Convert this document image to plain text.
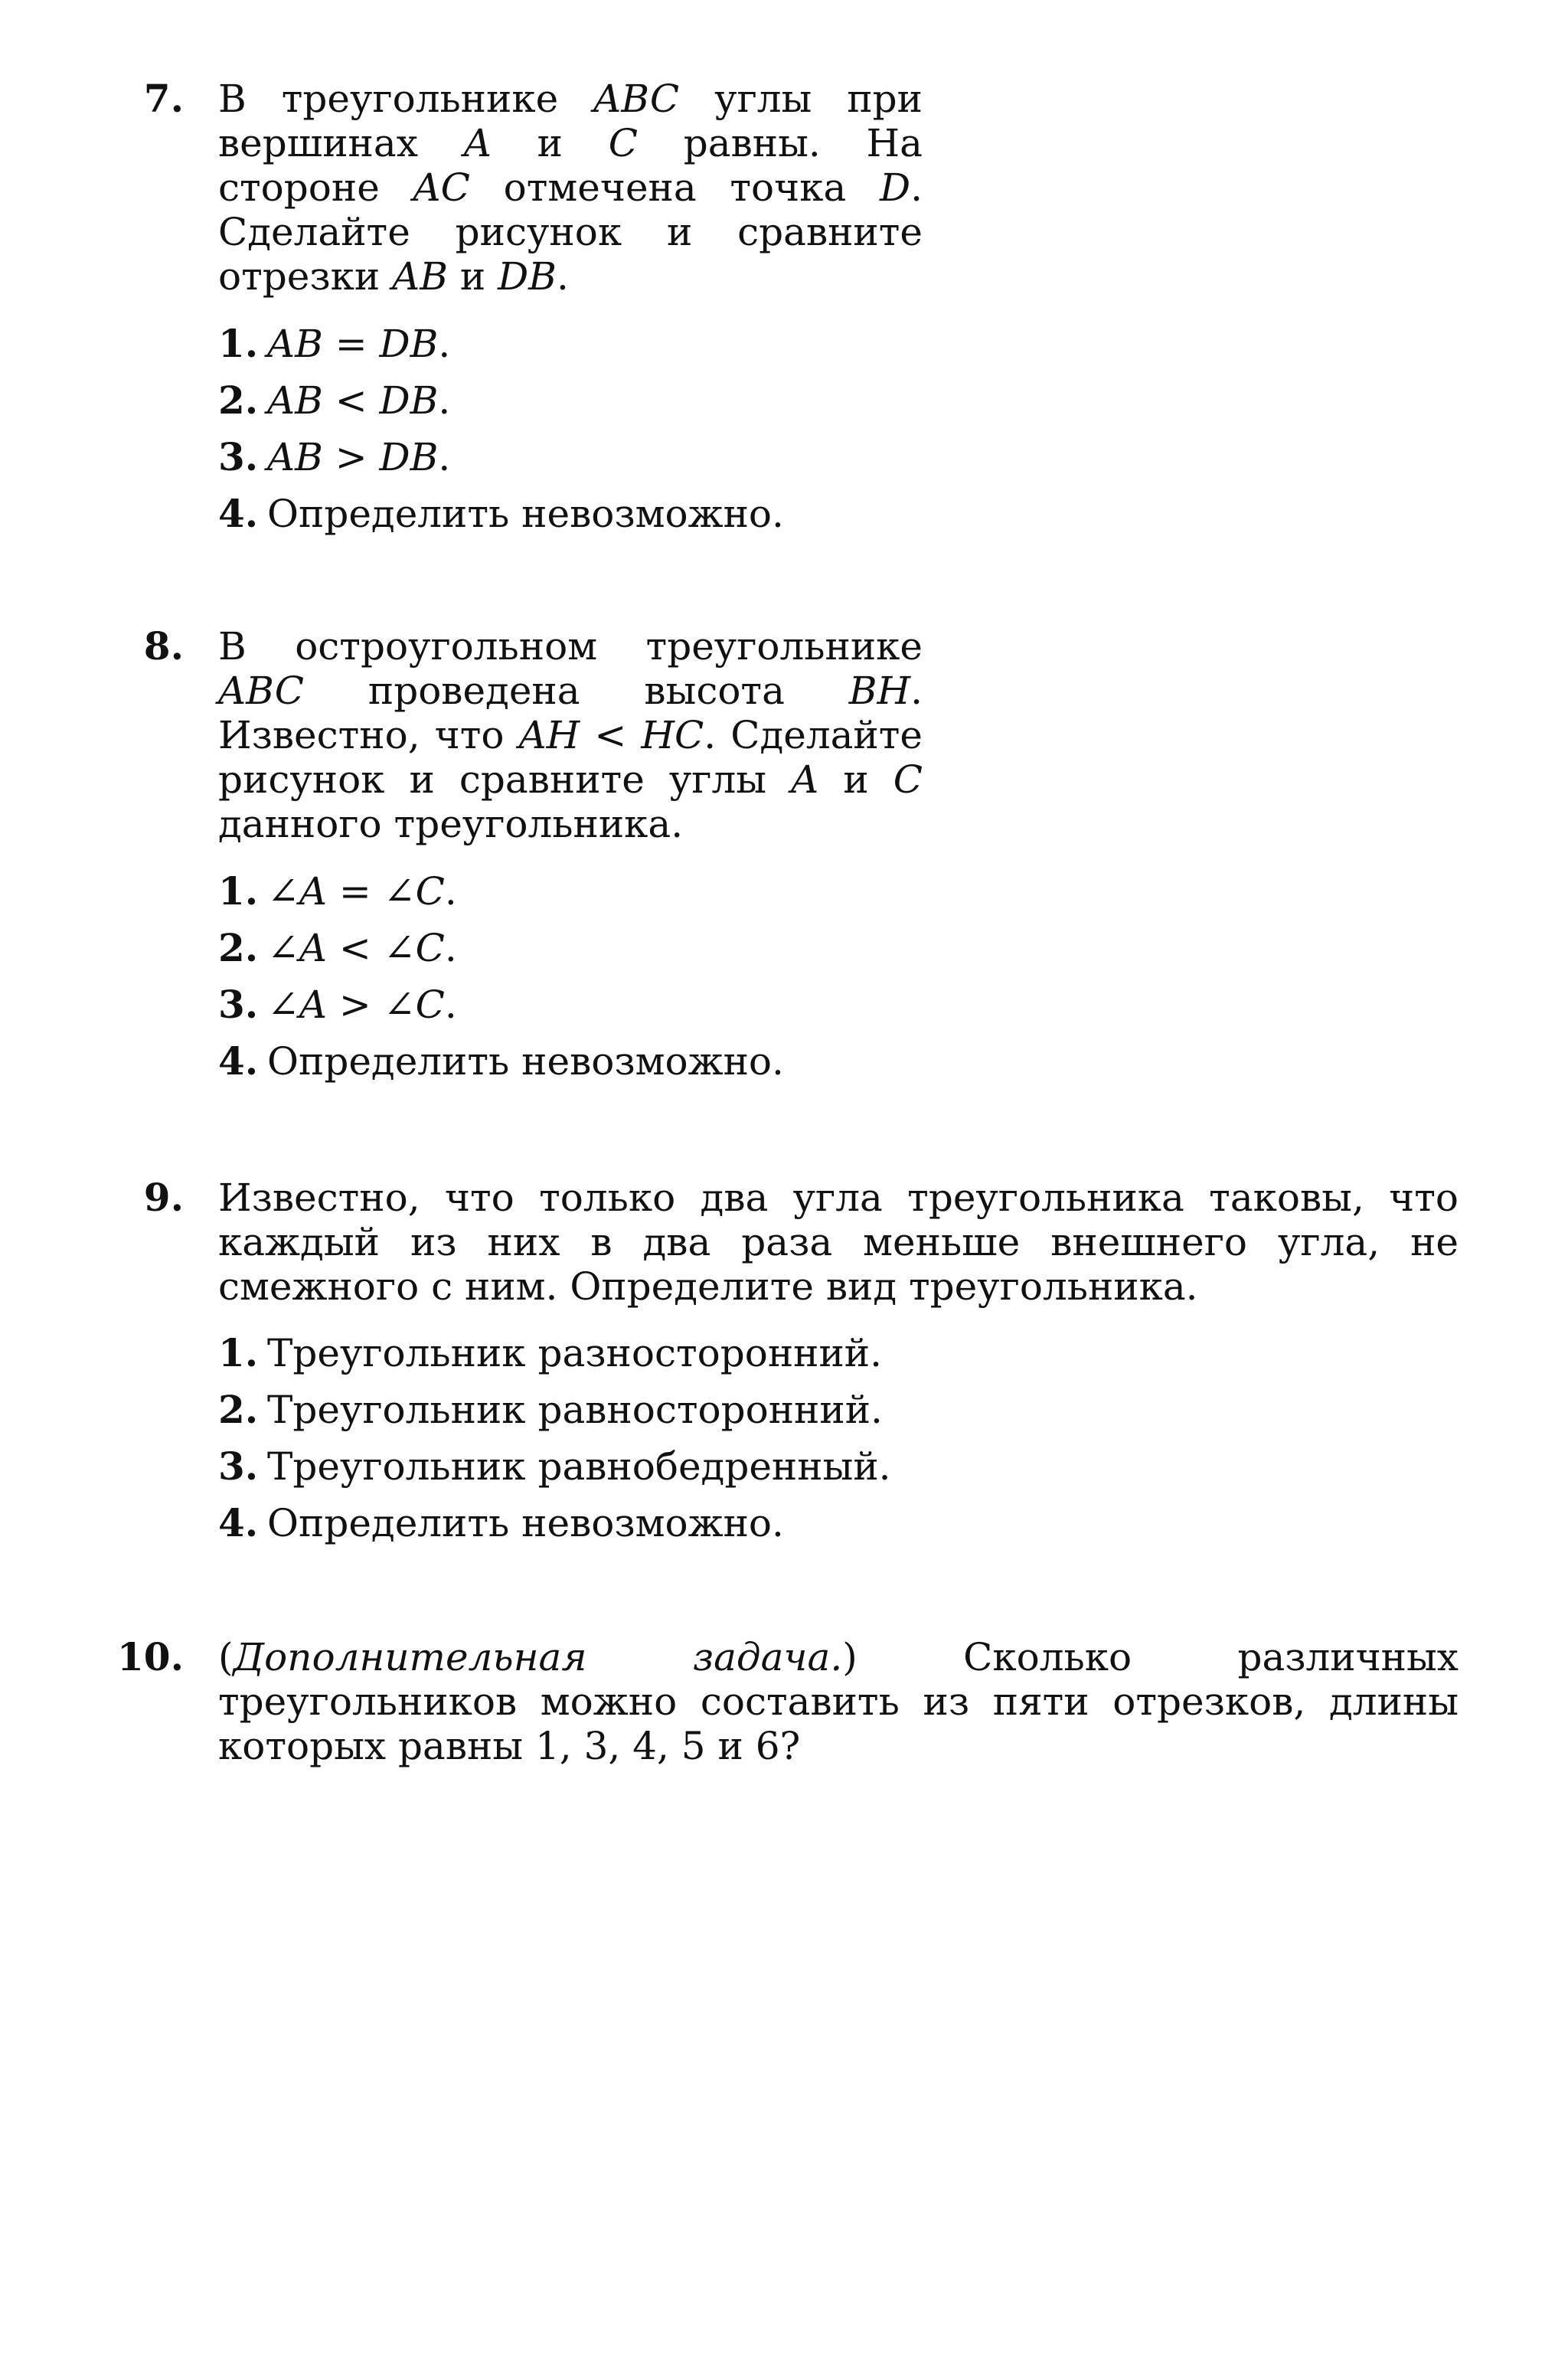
7. В треугольнике ABC углы при вершинах A и C равны. На стороне AC отмечена точка D. Сделайте рисунок и сравните отрезки AB и DB.
1. AB = DB.
2. AB < DB.
3. AB > DB.
4. Определить невозможно.
8. В остроугольном треугольнике ABC проведена высота BH. Известно, что AH < HC. Сделайте рисунок и сравните углы A и C данного треугольника.
1. ∠A = ∠C.
2. ∠A < ∠C.
3. ∠A > ∠C.
4. Определить невозможно.
9. Известно, что только два угла треугольника таковы, что каждый из них в два раза меньше внешнего угла, не смежного с ним. Определите вид треугольника.
1. Треугольник разносторонний.
2. Треугольник равносторонний.
3. Треугольник равнобедренный.
4. Определить невозможно.
10. (Дополнительная задача.) Сколько различных треугольников можно составить из пяти отрезков, длины которых равны 1, 3, 4, 5 и 6?
